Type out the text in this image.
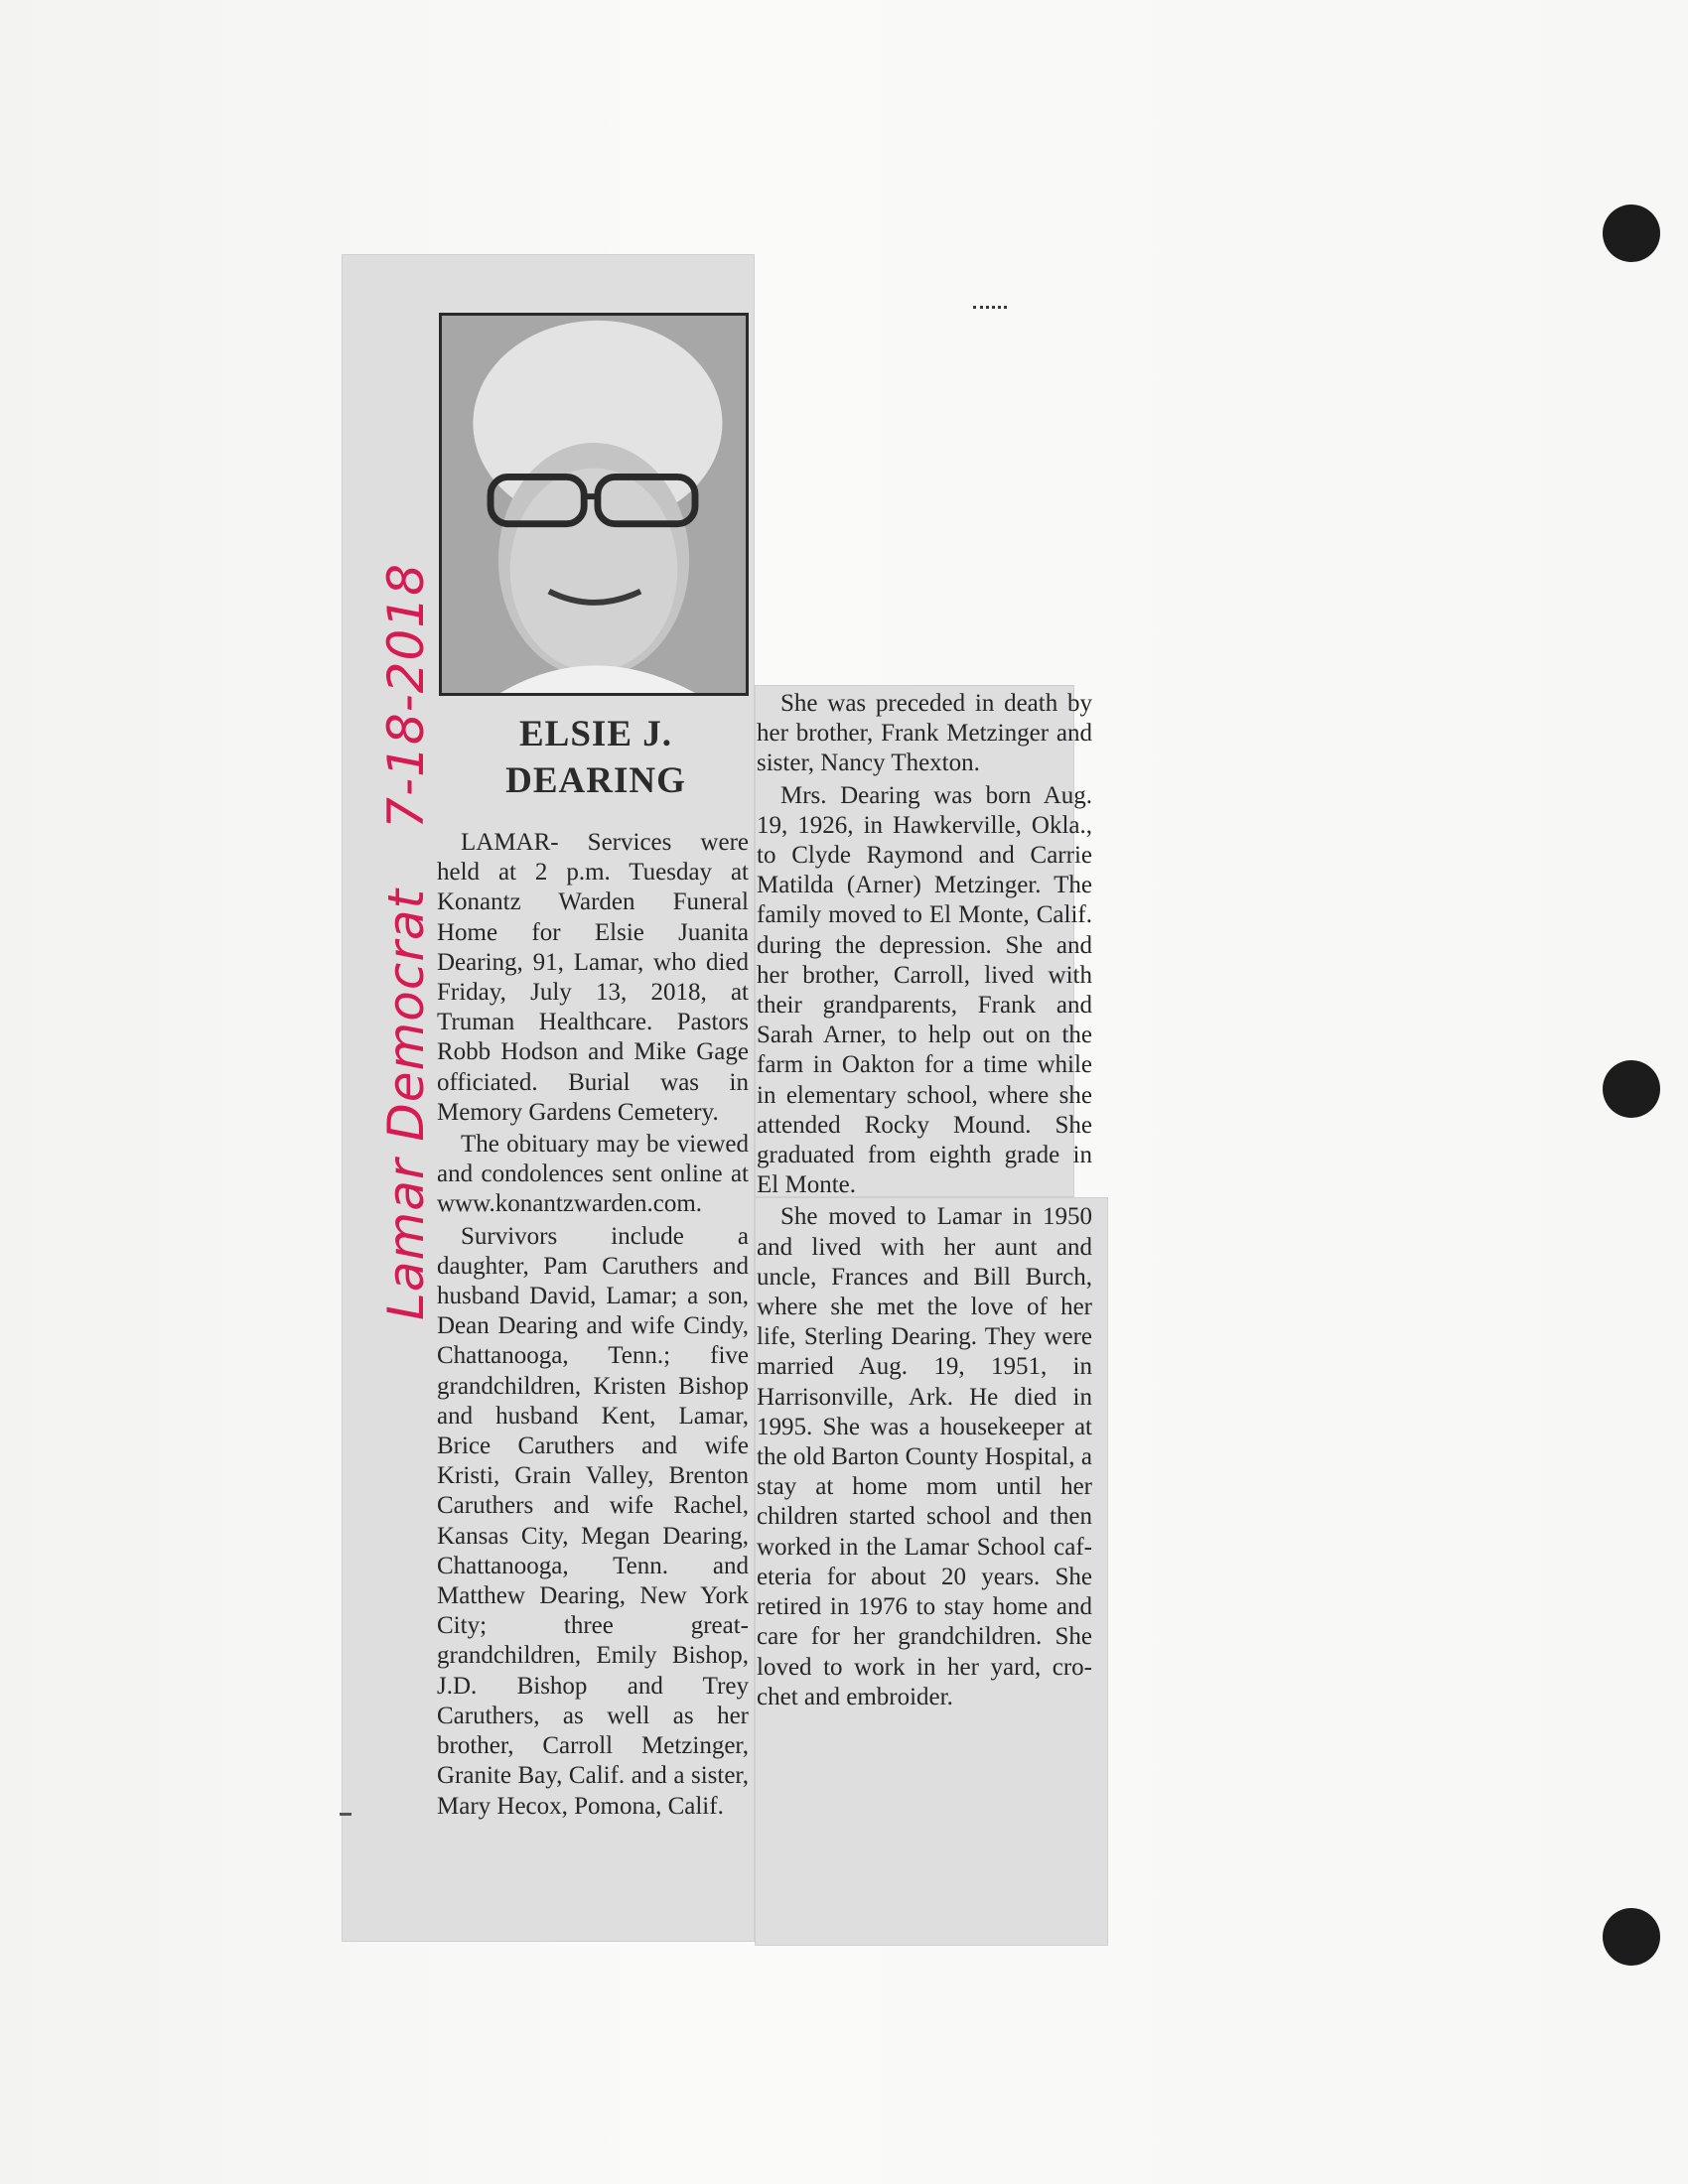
ELSIE J.
DEARING

LAMAR- Services were held at 2 p.m. Tuesday at Konantz Warden Funeral Home for Elsie Juanita Dearing, 91, Lamar, who died Friday, July 13, 2018, at Truman Healthcare. Pastors Robb Hodson and Mike Gage officiated. Burial was in Memory Gardens Cemetery.

The obituary may be viewed and condolences sent online at www.konantzwarden.com.

Survivors include a daughter, Pam Caruthers and husband David, Lamar; a son, Dean Dearing and wife Cindy, Chattanooga, Tenn.; five grandchildren, Kristen Bishop and husband Kent, Lamar, Brice Caruthers and wife Kristi, Grain Valley, Brenton Caruthers and wife Rachel, Kansas City, Megan Dearing, Chattanooga, Tenn. and Matthew Dearing, New York City; three great-grandchildren, Emily Bishop, J.D. Bishop and Trey Caruthers, as well as her brother, Carroll Metzinger, Granite Bay, Calif. and a sister, Mary Hecox, Pomona, Calif.

She was preceded in death by her brother, Frank Metzinger and sister, Nancy Thexton.

Mrs. Dearing was born Aug. 19, 1926, in Hawkerville, Okla., to Clyde Raymond and Carrie Matilda (Arner) Metzinger. The family moved to El Monte, Calif. during the depression. She and her brother, Carroll, lived with their grandparents, Frank and Sarah Arner, to help out on the farm in Oakton for a time while in elementary school, where she attended Rocky Mound. She graduated from eighth grade in El Monte.

She moved to Lamar in 1950 and lived with her aunt and uncle, Frances and Bill Burch, where she met the love of her life, Sterling Dearing. They were married Aug. 19, 1951, in Harrisonville, Ark. He died in 1995. She was a housekeeper at the old Barton County Hospital, a stay at home mom until her children started school and then worked in the Lamar School cafeteria for about 20 years. She retired in 1976 to stay home and care for her grandchildren. She loved to work in her yard, crochet and embroider.

Lamar Democrat7-18-2018
